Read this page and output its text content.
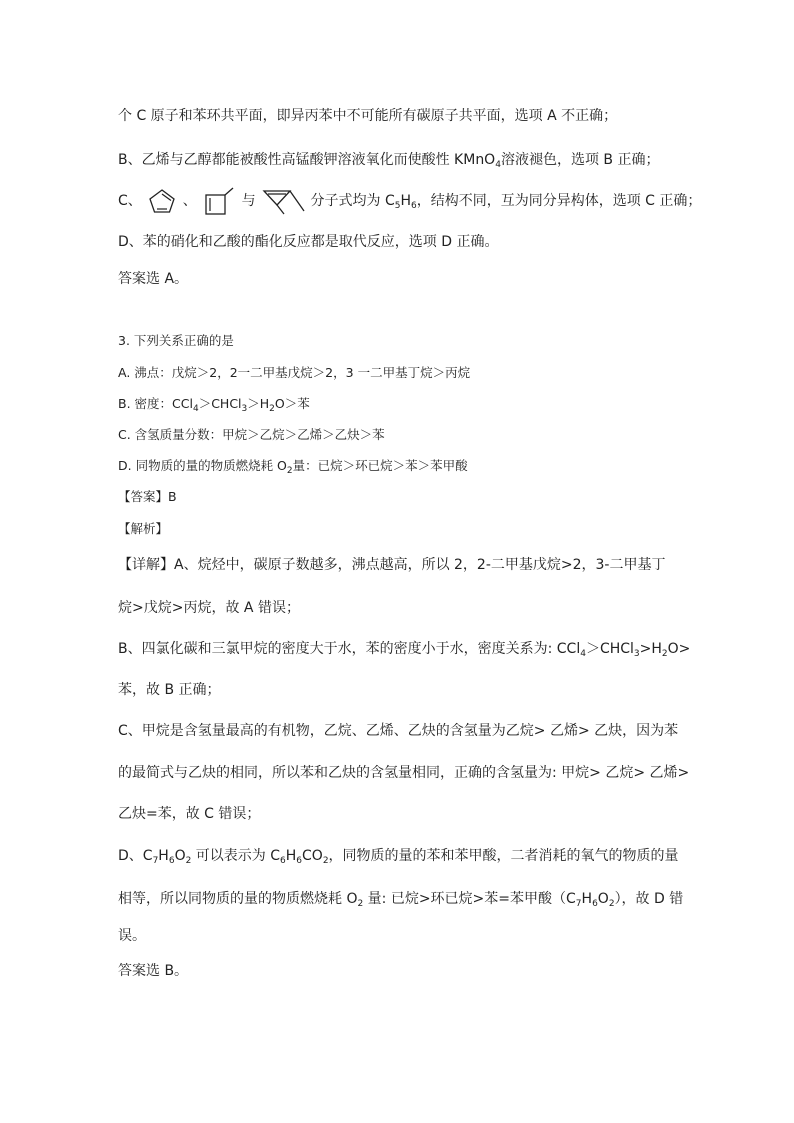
个 C 原子和苯环共平面，即异丙苯中不可能所有碳原子共平面，选项 A 不正确；
B、乙烯与乙醇都能被酸性高锰酸钾溶液氧化而使酸性 KMnO$_4$溶液褪色，选项 B 正确；
C、	、	与	分子式均为 $C_5H_6$，结构不同，互为同分异构体，选项 C 正确；
D、苯的硝化和乙酸的酯化反应都是取代反应，选项 D 正确。
答案选 A。
3. 下列关系正确的是
A. 沸点：戊烷＞2，2一二甲基戊烷＞2，3 一二甲基丁烷＞丙烷
B. 密度：$CCl_4>CHCl_3>H_2O>$苯
C. 含氢质量分数：甲烷＞乙烷＞乙烯＞乙炔＞苯
D. 同物质的量的物质燃烧耗 $O_2$量：已烷＞环已烷＞苯＞苯甲酸
【答案】B
【解析】
【详解】A、烷烃中，碳原子数越多，沸点越高，所以 2，2-二甲基戊烷>2，3-二甲基丁
烷>戊烷>丙烷，故 A 错误；
B、四氯化碳和三氯甲烷的密度大于水，苯的密度小于水，密度关系为: $CCl_4>CHCl_3>H_2O>$
苯，故 B 正确；
C、甲烷是含氢量最高的有机物，乙烷、乙烯、乙炔的含氢量为乙烷> 乙烯> 乙炔，因为苯
的最简式与乙炔的相同，所以苯和乙炔的含氢量相同，正确的含氢量为: 甲烷> 乙烷> 乙烯>
乙炔=苯，故 C 错误；
D、$C_7H_6O_2$ 可以表示为 $C_6H_6CO_2$，同物质的量的苯和苯甲酸，二者消耗的氧气的物质的量
相等，所以同物质的量的物质燃烧耗 $O_2$ 量: 已烷>环已烷>苯=苯甲酸$(C_7H_6O_2)$，故 D 错
误。
答案选 B。
